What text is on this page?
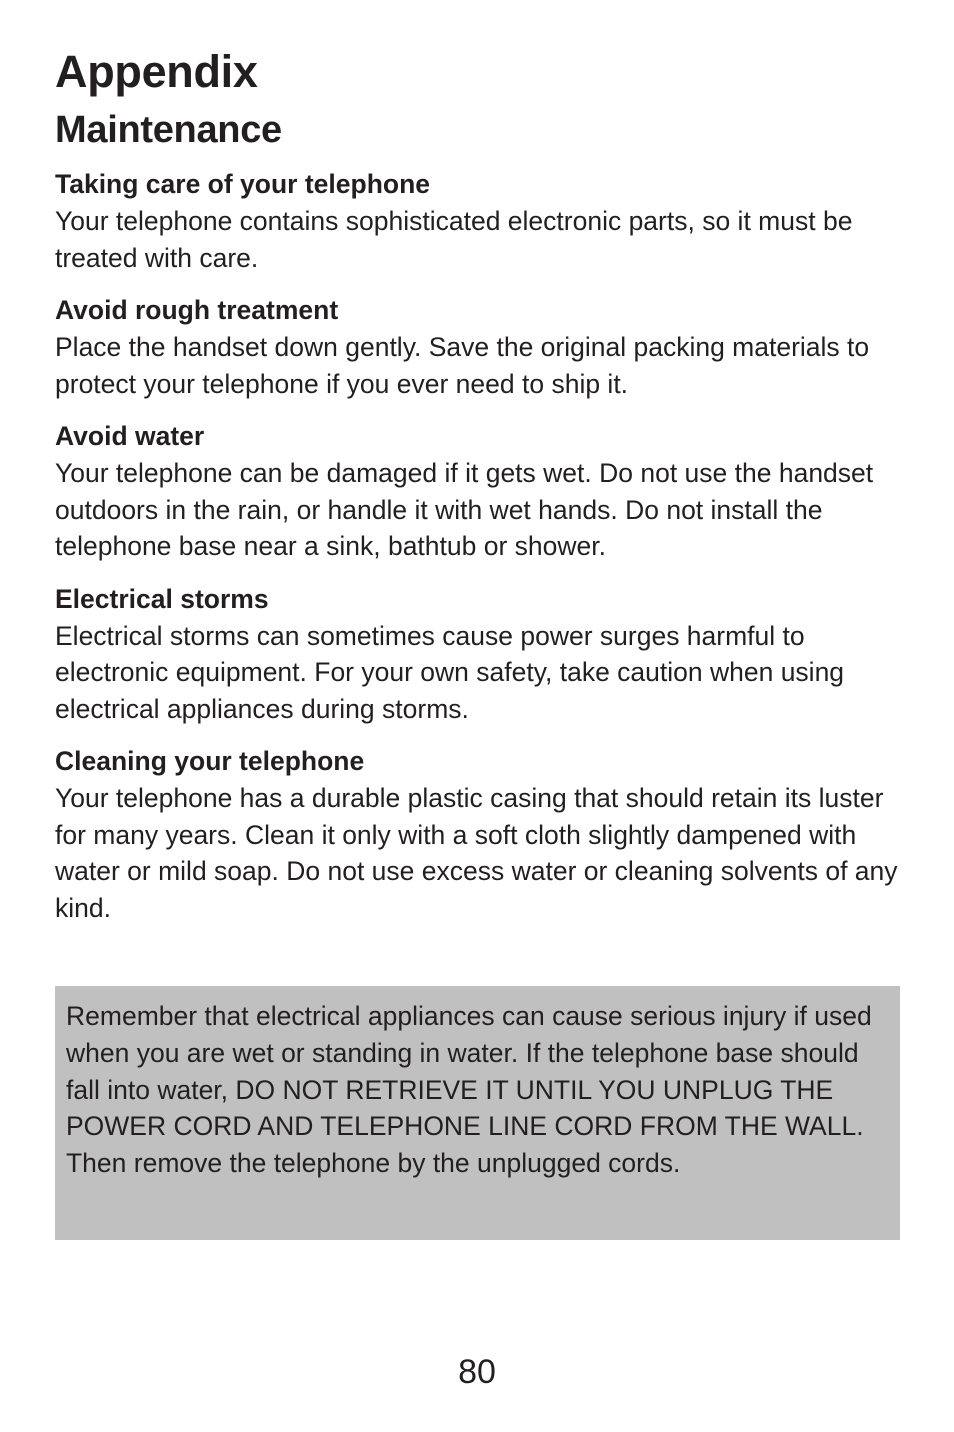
Appendix
Maintenance

Taking care of your telephone

Your telephone contains sophisticated electronic parts, so it must be treated with care.

Avoid rough treatment

Place the handset down gently. Save the original packing materials to protect your telephone if you ever need to ship it.

Avoid water

Your telephone can be damaged if it gets wet. Do not use the handset outdoors in the rain, or handle it with wet hands. Do not install the telephone base near a sink, bathtub or shower.

Electrical storms

Electrical storms can sometimes cause power surges harmful to electronic equipment. For your own safety, take caution when using electrical appliances during storms.

Cleaning your telephone

Your telephone has a durable plastic casing that should retain its luster for many years. Clean it only with a soft cloth slightly dampened with water or mild soap. Do not use excess water or cleaning solvents of any kind.

Remember that electrical appliances can cause serious injury if used when you are wet or standing in water. If the telephone base should fall into water, DO NOT RETRIEVE IT UNTIL YOU UNPLUG THE POWER CORD AND TELEPHONE LINE CORD FROM THE WALL. Then remove the telephone by the unplugged cords.
80
